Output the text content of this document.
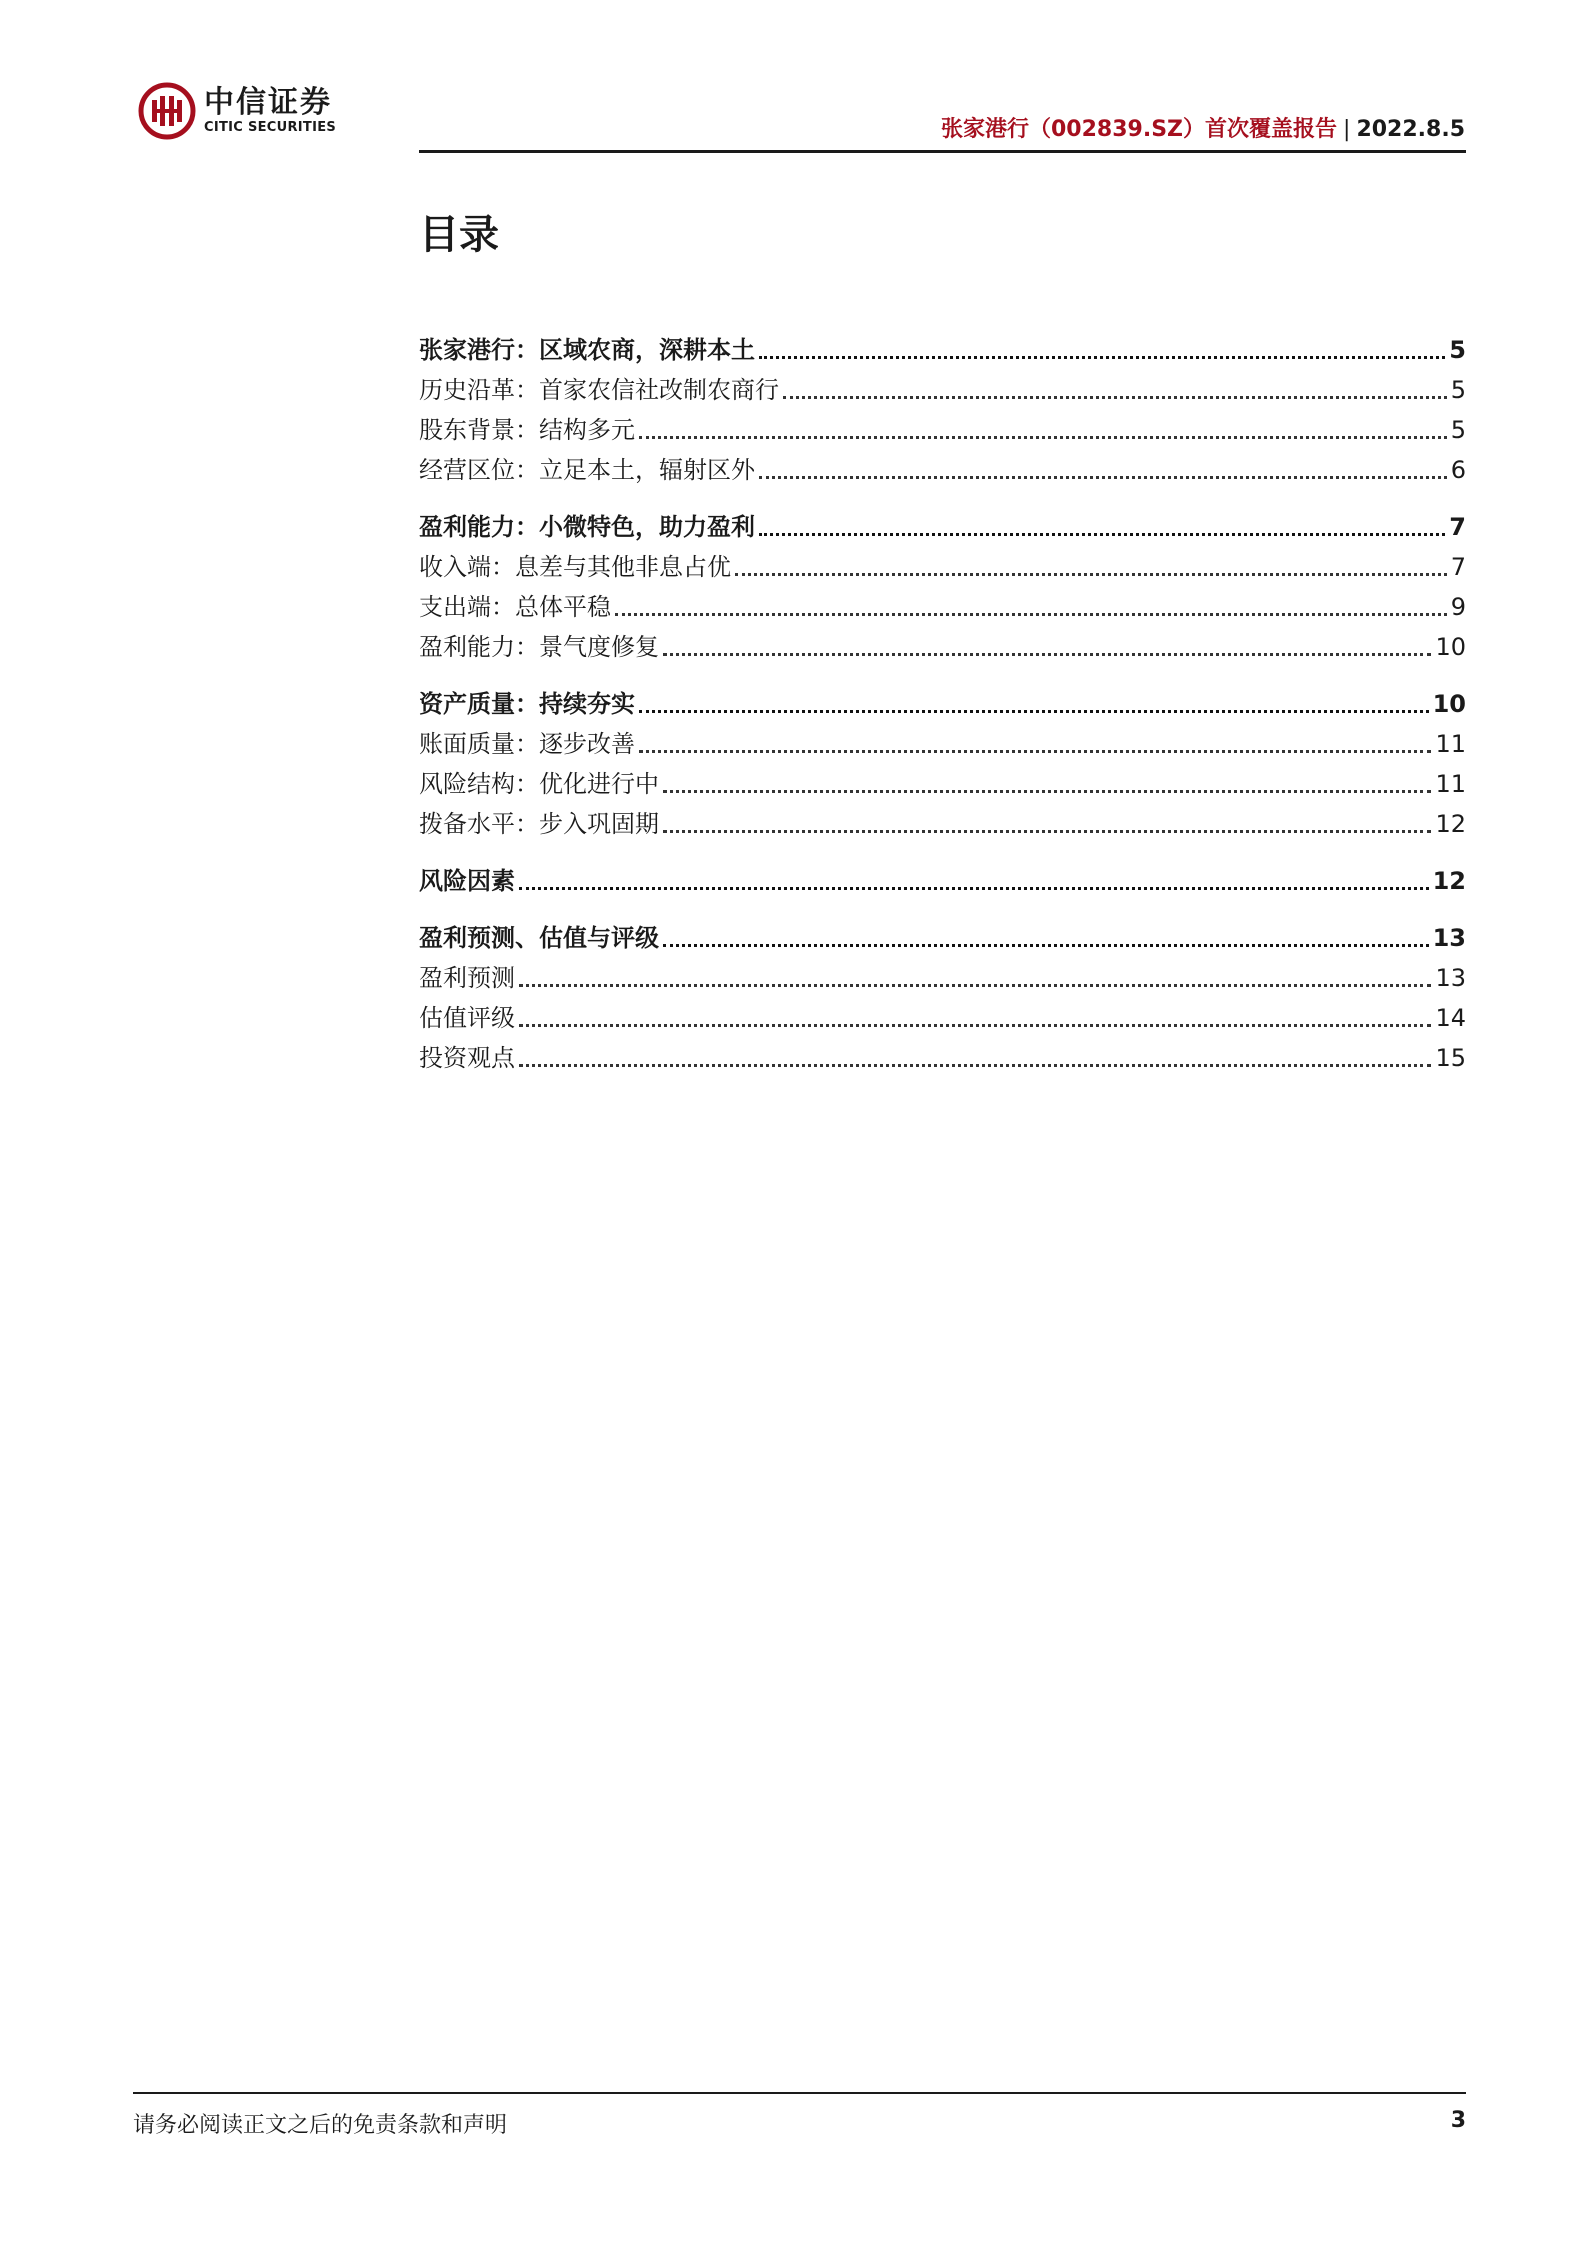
中信证券
CITIC SECURITIES	张家港行（002839.SZ）首次覆盖报告 | 2022.8.5
目录
张家港行：区域农商，深耕本土	5
历史沿革：首家农信社改制农商行	5
股东背景：结构多元	5
经营区位：立足本土，辐射区外	6
盈利能力：小微特色，助力盈利	7
收入端：息差与其他非息占优	7
支出端：总体平稳	9
盈利能力：景气度修复	10
资产质量：持续夯实	10
账面质量：逐步改善	11
风险结构：优化进行中	11
拨备水平：步入巩固期	12
风险因素	12
盈利预测、估值与评级	13
盈利预测	13
估值评级	14
投资观点	15
请务必阅读正文之后的免责条款和声明	3
